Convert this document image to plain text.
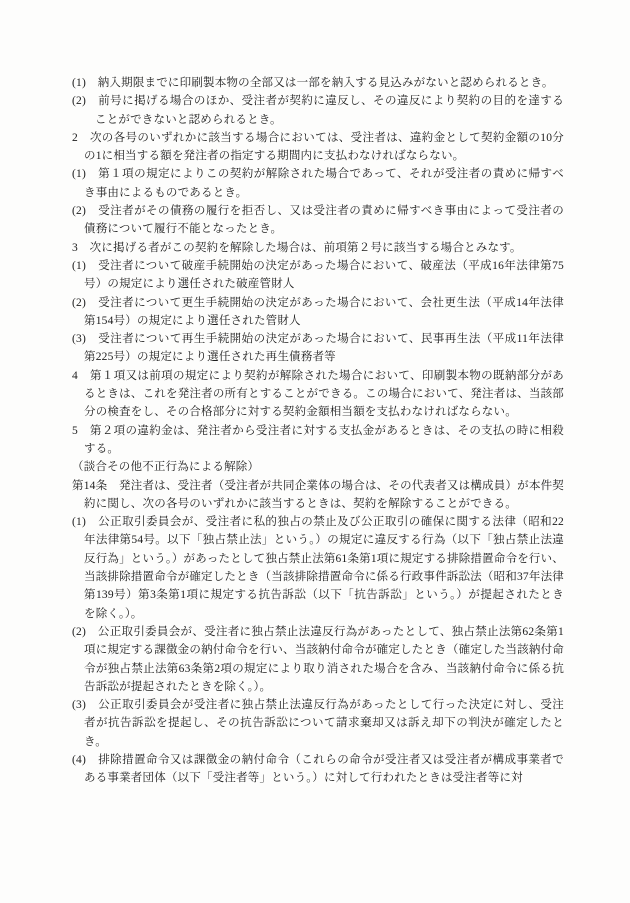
(1)　納入期限までに印刷製本物の全部又は一部を納入する見込みがないと認められるとき。
(2)　前号に掲げる場合のほか、受注者が契約に違反し、その違反により契約の目的を達することができないと認められるとき。
2　次の各号のいずれかに該当する場合においては、受注者は、違約金として契約金額の10分の1に相当する額を発注者の指定する期間内に支払わなければならない。
(1)　第１項の規定によりこの契約が解除された場合であって、それが受注者の責めに帰すべき事由によるものであるとき。
(2)　受注者がその債務の履行を拒否し、又は受注者の責めに帰すべき事由によって受注者の債務について履行不能となったとき。
3　次に掲げる者がこの契約を解除した場合は、前項第２号に該当する場合とみなす。
(1)　受注者について破産手続開始の決定があった場合において、破産法（平成16年法律第75号）の規定により選任された破産管財人
(2)　受注者について更生手続開始の決定があった場合において、会社更生法（平成14年法律第154号）の規定により選任された管財人
(3)　受注者について再生手続開始の決定があった場合において、民事再生法（平成11年法律第225号）の規定により選任された再生債務者等
4　第１項又は前項の規定により契約が解除された場合において、印刷製本物の既納部分があるときは、これを発注者の所有とすることができる。この場合において、発注者は、当該部分の検査をし、その合格部分に対する契約金額相当額を支払わなければならない。
5　第２項の違約金は、発注者から受注者に対する支払金があるときは、その支払の時に相殺する。
（談合その他不正行為による解除）
第14条　発注者は、受注者（受注者が共同企業体の場合は、その代表者又は構成員）が本件契約に関し、次の各号のいずれかに該当するときは、契約を解除することができる。
(1)　公正取引委員会が、受注者に私的独占の禁止及び公正取引の確保に関する法律（昭和22年法律第54号。以下「独占禁止法」という。）の規定に違反する行為（以下「独占禁止法違反行為」という。）があったとして独占禁止法第61条第1項に規定する排除措置命令を行い、当該排除措置命令が確定したとき（当該排除措置命令に係る行政事件訴訟法（昭和37年法律第139号）第3条第1項に規定する抗告訴訟（以下「抗告訴訟」という。）が提起されたときを除く。）。
(2)　公正取引委員会が、受注者に独占禁止法違反行為があったとして、独占禁止法第62条第1項に規定する課徴金の納付命令を行い、当該納付命令が確定したとき（確定した当該納付命令が独占禁止法第63条第2項の規定により取り消された場合を含み、当該納付命令に係る抗告訴訟が提起されたときを除く。）。
(3)　公正取引委員会が受注者に独占禁止法違反行為があったとして行った決定に対し、受注者が抗告訴訟を提起し、その抗告訴訟について請求棄却又は訴え却下の判決が確定したとき。
(4)　排除措置命令又は課徴金の納付命令（これらの命令が受注者又は受注者が構成事業者である事業者団体（以下「受注者等」という。）に対して行われたときは受注者等に対
